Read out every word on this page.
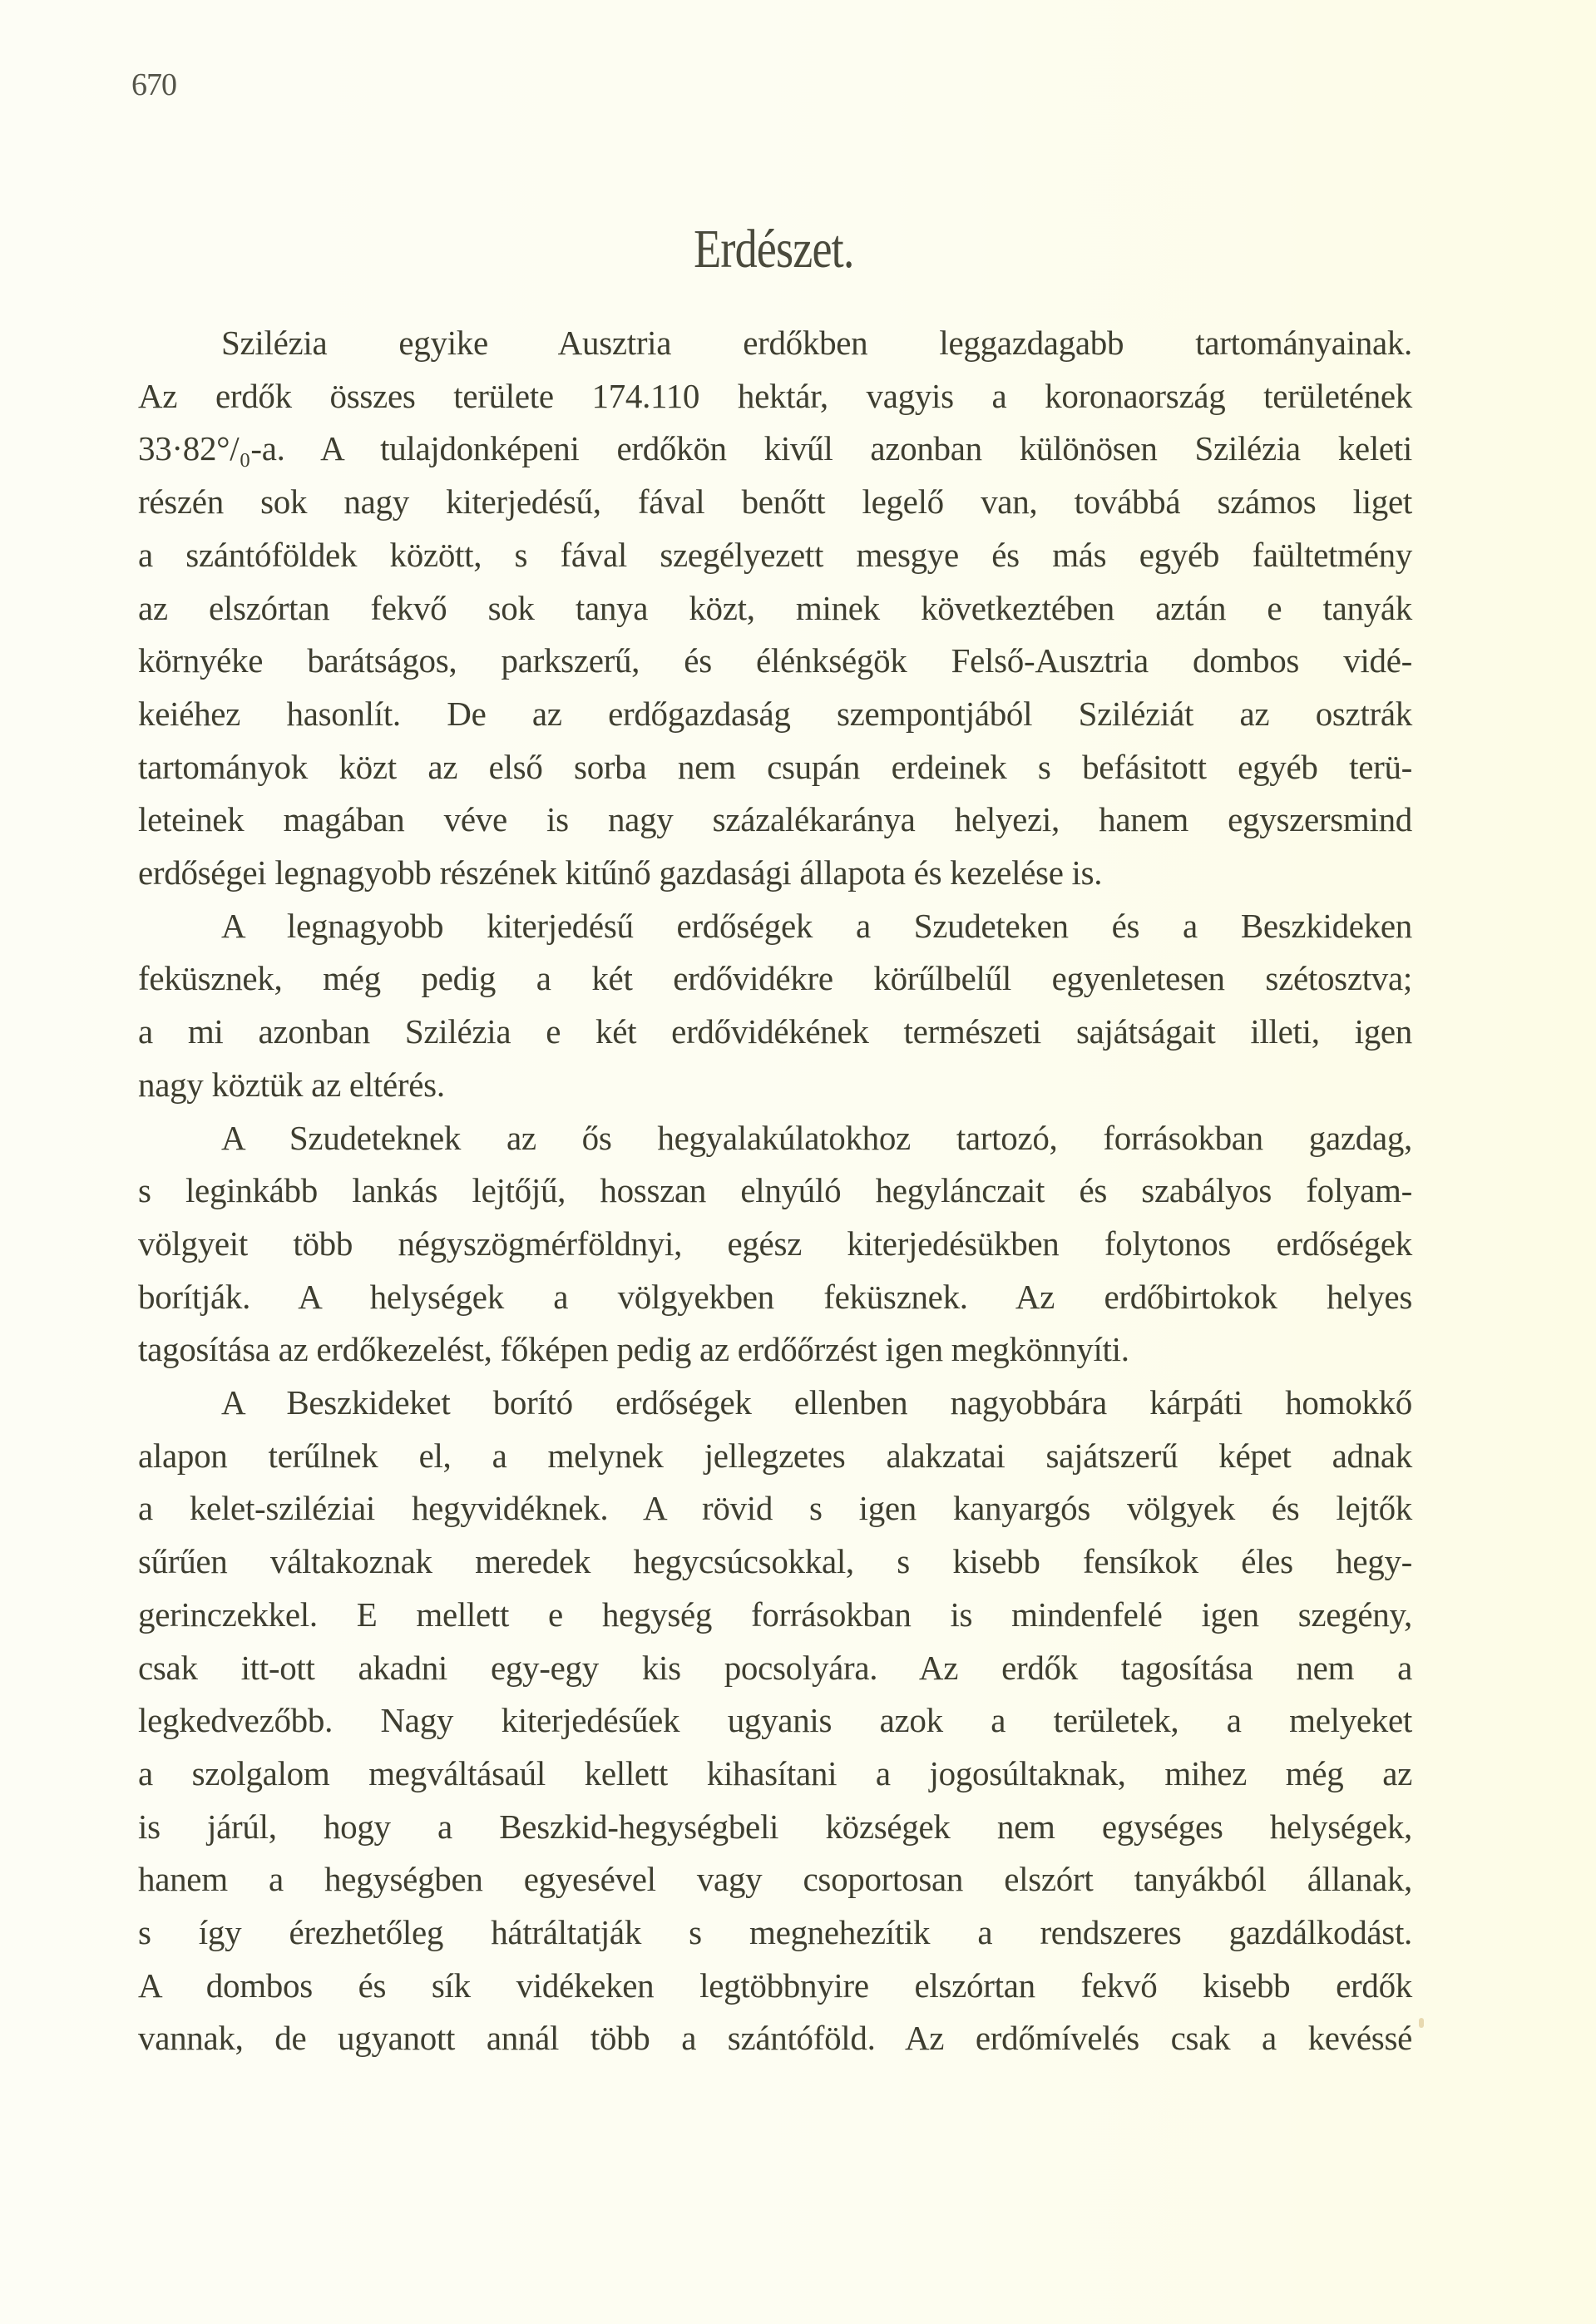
670
Erdészet.
Szilézia egyike Ausztria erdőkben leggazdagabb tartományainak.
Az erdők összes területe 174.110 hektár, vagyis a koronaország területének
33·82°/₀-a. A tulajdonképeni erdőkön kivűl azonban különösen Szilézia keleti
részén sok nagy kiterjedésű, fával benőtt legelő van, továbbá számos liget
a szántóföldek között, s fával szegélyezett mesgye és más egyéb faültetmény
az elszórtan fekvő sok tanya közt, minek következtében aztán e tanyák
környéke barátságos, parkszerű, és élénkségök Felső-Ausztria dombos vidé-
keiéhez hasonlít. De az erdőgazdaság szempontjából Sziléziát az osztrák
tartományok közt az első sorba nem csupán erdeinek s befásitott egyéb terü-
leteinek magában véve is nagy százalékaránya helyezi, hanem egyszersmind
erdőségei legnagyobb részének kitűnő gazdasági állapota és kezelése is.
A legnagyobb kiterjedésű erdőségek a Szudeteken és a Beszkideken
feküsznek, még pedig a két erdővidékre körűlbelűl egyenletesen szétosztva;
a mi azonban Szilézia e két erdővidékének természeti sajátságait illeti, igen
nagy köztük az eltérés.
A Szudeteknek az ős hegyalakúlatokhoz tartozó, forrásokban gazdag,
s leginkább lankás lejtőjű, hosszan elnyúló hegylánczait és szabályos folyam-
völgyeit több négyszögmérföldnyi, egész kiterjedésükben folytonos erdőségek
borítják. A helységek a völgyekben feküsznek. Az erdőbirtokok helyes
tagosítása az erdőkezelést, főképen pedig az erdőőrzést igen megkönnyíti.
A Beszkideket borító erdőségek ellenben nagyobbára kárpáti homokkő
alapon terűlnek el, a melynek jellegzetes alakzatai sajátszerű képet adnak
a kelet-sziléziai hegyvidéknek. A rövid s igen kanyargós völgyek és lejtők
sűrűen váltakoznak meredek hegycsúcsokkal, s kisebb fensíkok éles hegy-
gerinczekkel. E mellett e hegység forrásokban is mindenfelé igen szegény,
csak itt-ott akadni egy-egy kis pocsolyára. Az erdők tagosítása nem a
legkedvezőbb. Nagy kiterjedésűek ugyanis azok a területek, a melyeket
a szolgalom megváltásaúl kellett kihasítani a jogosúltaknak, mihez még az
is járúl, hogy a Beszkid-hegységbeli községek nem egységes helységek,
hanem a hegységben egyesével vagy csoportosan elszórt tanyákból állanak,
s így érezhetőleg hátráltatják s megnehezítik a rendszeres gazdálkodást.
A dombos és sík vidékeken legtöbbnyire elszórtan fekvő kisebb erdők
vannak, de ugyanott annál több a szántóföld. Az erdőmívelés csak a kevéssé
